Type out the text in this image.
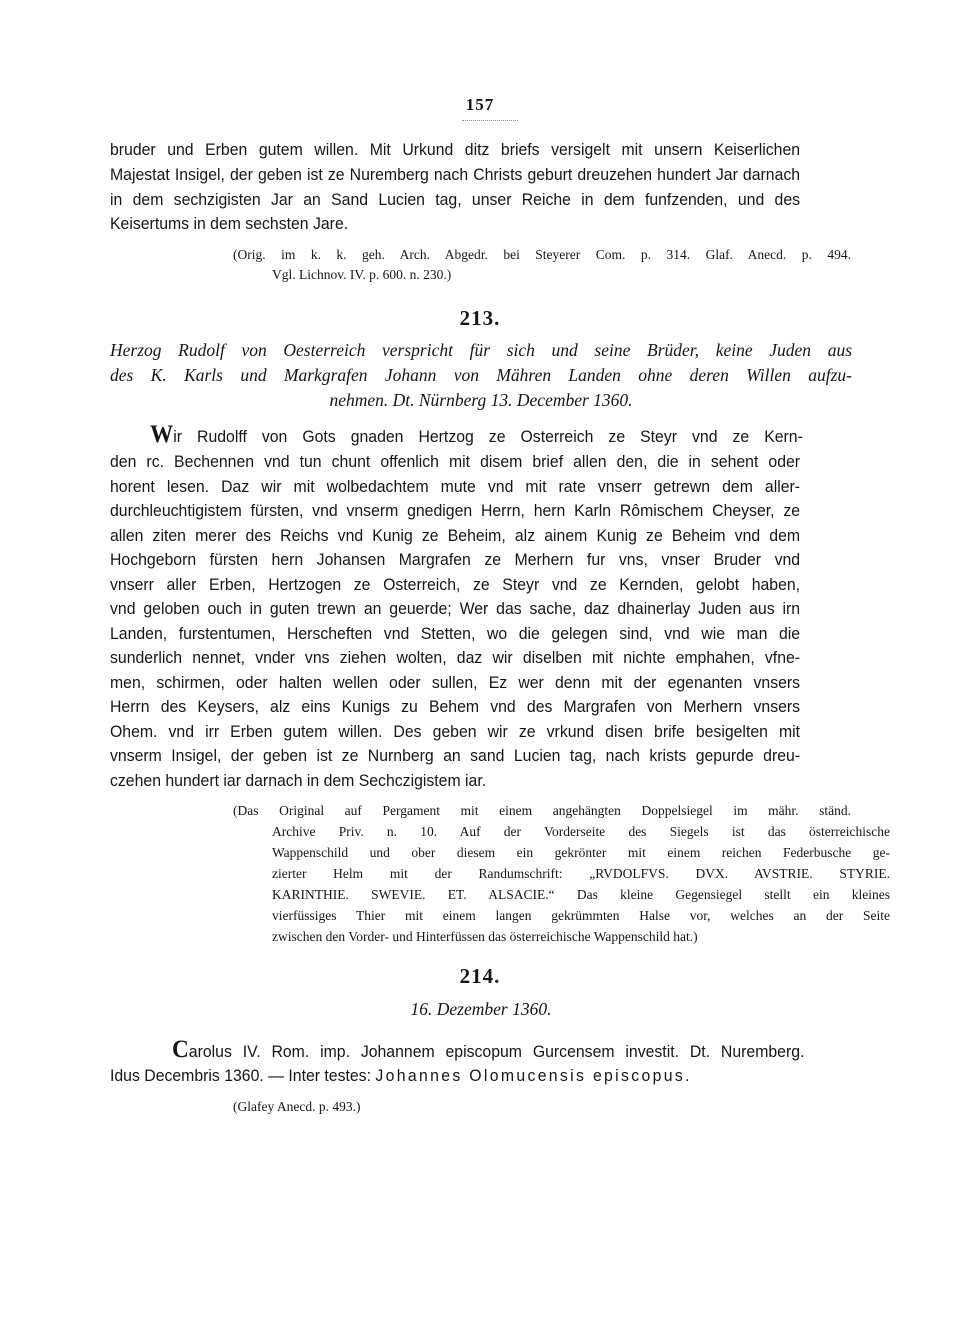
157

bruder und Erben gutem willen. Mit Urkund ditz briefs versigelt mit unsern Keiserlichen

Majestat Insigel, der geben ist ze Nuremberg nach Christs geburt dreuzehen hundert Jar darnach

in dem sechzigisten Jar an Sand Lucien tag, unser Reiche in dem funfzenden, und des

Keisertums in dem sechsten Jare.

(Orig. im k. k. geh. Arch. Abgedr. bei Steyerer Com. p. 314. Glaf. Anecd. p. 494.

Vgl. Lichnov. IV. p. 600. n. 230.)

213.

Herzog Rudolf von Oesterreich verspricht für sich und seine Brüder, keine Juden aus

des K. Karls und Markgrafen Johann von Mähren Landen ohne deren Willen aufzu-

nehmen. Dt. Nürnberg 13. December 1360.

Wir Rudolff von Gots gnaden Hertzog ze Osterreich ze Steyr vnd ze Kern-

den rc. Bechennen vnd tun chunt offenlich mit disem brief allen den, die in sehent oder

horent lesen. Daz wir mit wolbedachtem mute vnd mit rate vnserr getrewn dem aller-

durchleuchtigistem fürsten, vnd vnserm gnedigen Herrn, hern Karln Rômischem Cheyser, ze

allen ziten merer des Reichs vnd Kunig ze Beheim, alz ainem Kunig ze Beheim vnd dem

Hochgeborn fürsten hern Johansen Margrafen ze Merhern fur vns, vnser Bruder vnd

vnserr aller Erben, Hertzogen ze Osterreich, ze Steyr vnd ze Kernden, gelobt haben,

vnd geloben ouch in guten trewn an geuerde; Wer das sache, daz dhainerlay Juden aus irn

Landen, furstentumen, Herscheften vnd Stetten, wo die gelegen sind, vnd wie man die

sunderlich nennet, vnder vns ziehen wolten, daz wir diselben mit nichte emphahen, vfne-

men, schirmen, oder halten wellen oder sullen, Ez wer denn mit der egenanten vnsers

Herrn des Keysers, alz eins Kunigs zu Behem vnd des Margrafen von Merhern vnsers

Ohem. vnd irr Erben gutem willen. Des geben wir ze vrkund disen brife besigelten mit

vnserm Insigel, der geben ist ze Nurnberg an sand Lucien tag, nach krists gepurde dreu-

czehen hundert iar darnach in dem Sechczigistem iar.

(Das Original auf Pergament mit einem angehängten Doppelsiegel im mähr. ständ.

Archive Priv. n. 10. Auf der Vorderseite des Siegels ist das österreichische

Wappenschild und ober diesem ein gekrönter mit einem reichen Federbusche ge-

zierter Helm mit der Randumschrift: „RVDOLFVS. DVX. AVSTRIE. STYRIE.

KARINTHIE. SWEVIE. ET. ALSACIE.“ Das kleine Gegensiegel stellt ein kleines

vierfüssiges Thier mit einem langen gekrümmten Halse vor, welches an der Seite

zwischen den Vorder- und Hinterfüssen das österreichische Wappenschild hat.)

214.

16. Dezember 1360.

Carolus IV. Rom. imp. Johannem episcopum Gurcensem investit. Dt. Nuremberg.

Idus Decembris 1360. — Inter testes: Johannes Olomucensis episcopus.

(Glafey Anecd. p. 493.)
